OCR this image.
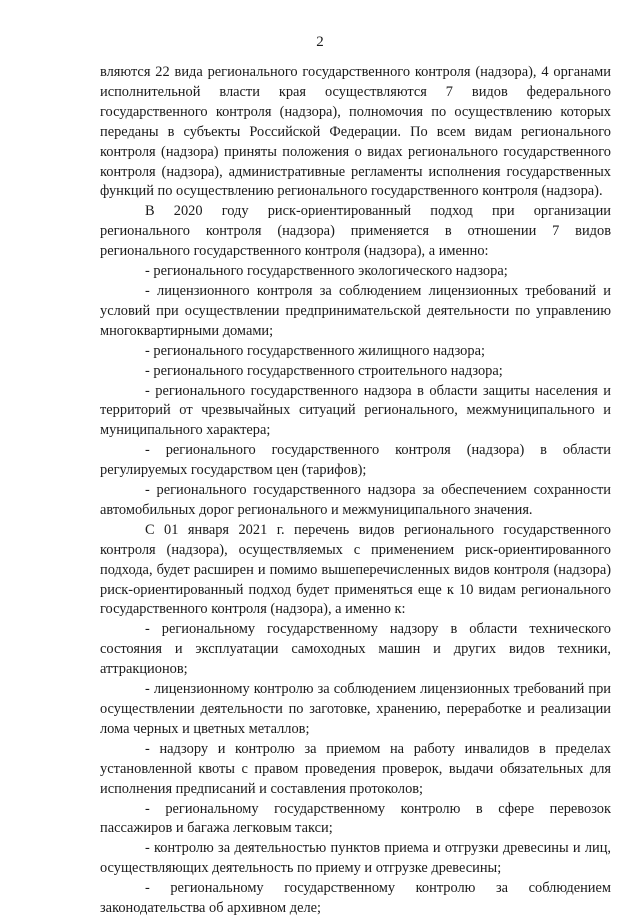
2

вляются 22 вида регионального государственного контроля (надзора), 4 органами исполнительной власти края осуществляются 7 видов федерального государственного контроля (надзора), полномочия по осуществлению которых переданы в субъекты Российской Федерации. По всем видам регионального контроля (надзора) приняты положения о видах регионального государственного контроля (надзора), административные регламенты исполнения государственных функций по осуществлению регионального государственного контроля (надзора).

В 2020 году риск-ориентированный подход при организации регионального контроля (надзора) применяется в отношении 7 видов регионального государственного контроля (надзора), а именно:

- регионального государственного экологического надзора;

- лицензионного контроля за соблюдением лицензионных требований и условий при осуществлении предпринимательской деятельности по управлению многоквартирными домами;

- регионального государственного жилищного надзора;

- регионального государственного строительного надзора;

- регионального государственного надзора в области защиты населения и территорий от чрезвычайных ситуаций регионального, межмуниципального и муниципального характера;

- регионального государственного контроля (надзора) в области регулируемых государством цен (тарифов);

- регионального государственного надзора за обеспечением сохранности автомобильных дорог регионального и межмуниципального значения.

С 01 января 2021 г. перечень видов регионального государственного контроля (надзора), осуществляемых с применением риск-ориентированного подхода, будет расширен и помимо вышеперечисленных видов контроля (надзора) риск-ориентированный подход будет применяться еще к 10 видам регионального государственного контроля (надзора), а именно к:

- региональному государственному надзору в области технического состояния и эксплуатации самоходных машин и других видов техники, аттракционов;

- лицензионному контролю за соблюдением лицензионных требований при осуществлении деятельности по заготовке, хранению, переработке и реализации лома черных и цветных металлов;

- надзору и контролю за приемом на работу инвалидов в пределах установленной квоты с правом проведения проверок, выдачи обязательных для исполнения предписаний и составления протоколов;

- региональному государственному контролю в сфере перевозок пассажиров и багажа легковым такси;

- контролю за деятельностью пунктов приема и отгрузки древесины и лиц, осуществляющих деятельность по приему и отгрузке древесины;

- региональному государственному контролю за соблюдением законодательства об архивном деле;
